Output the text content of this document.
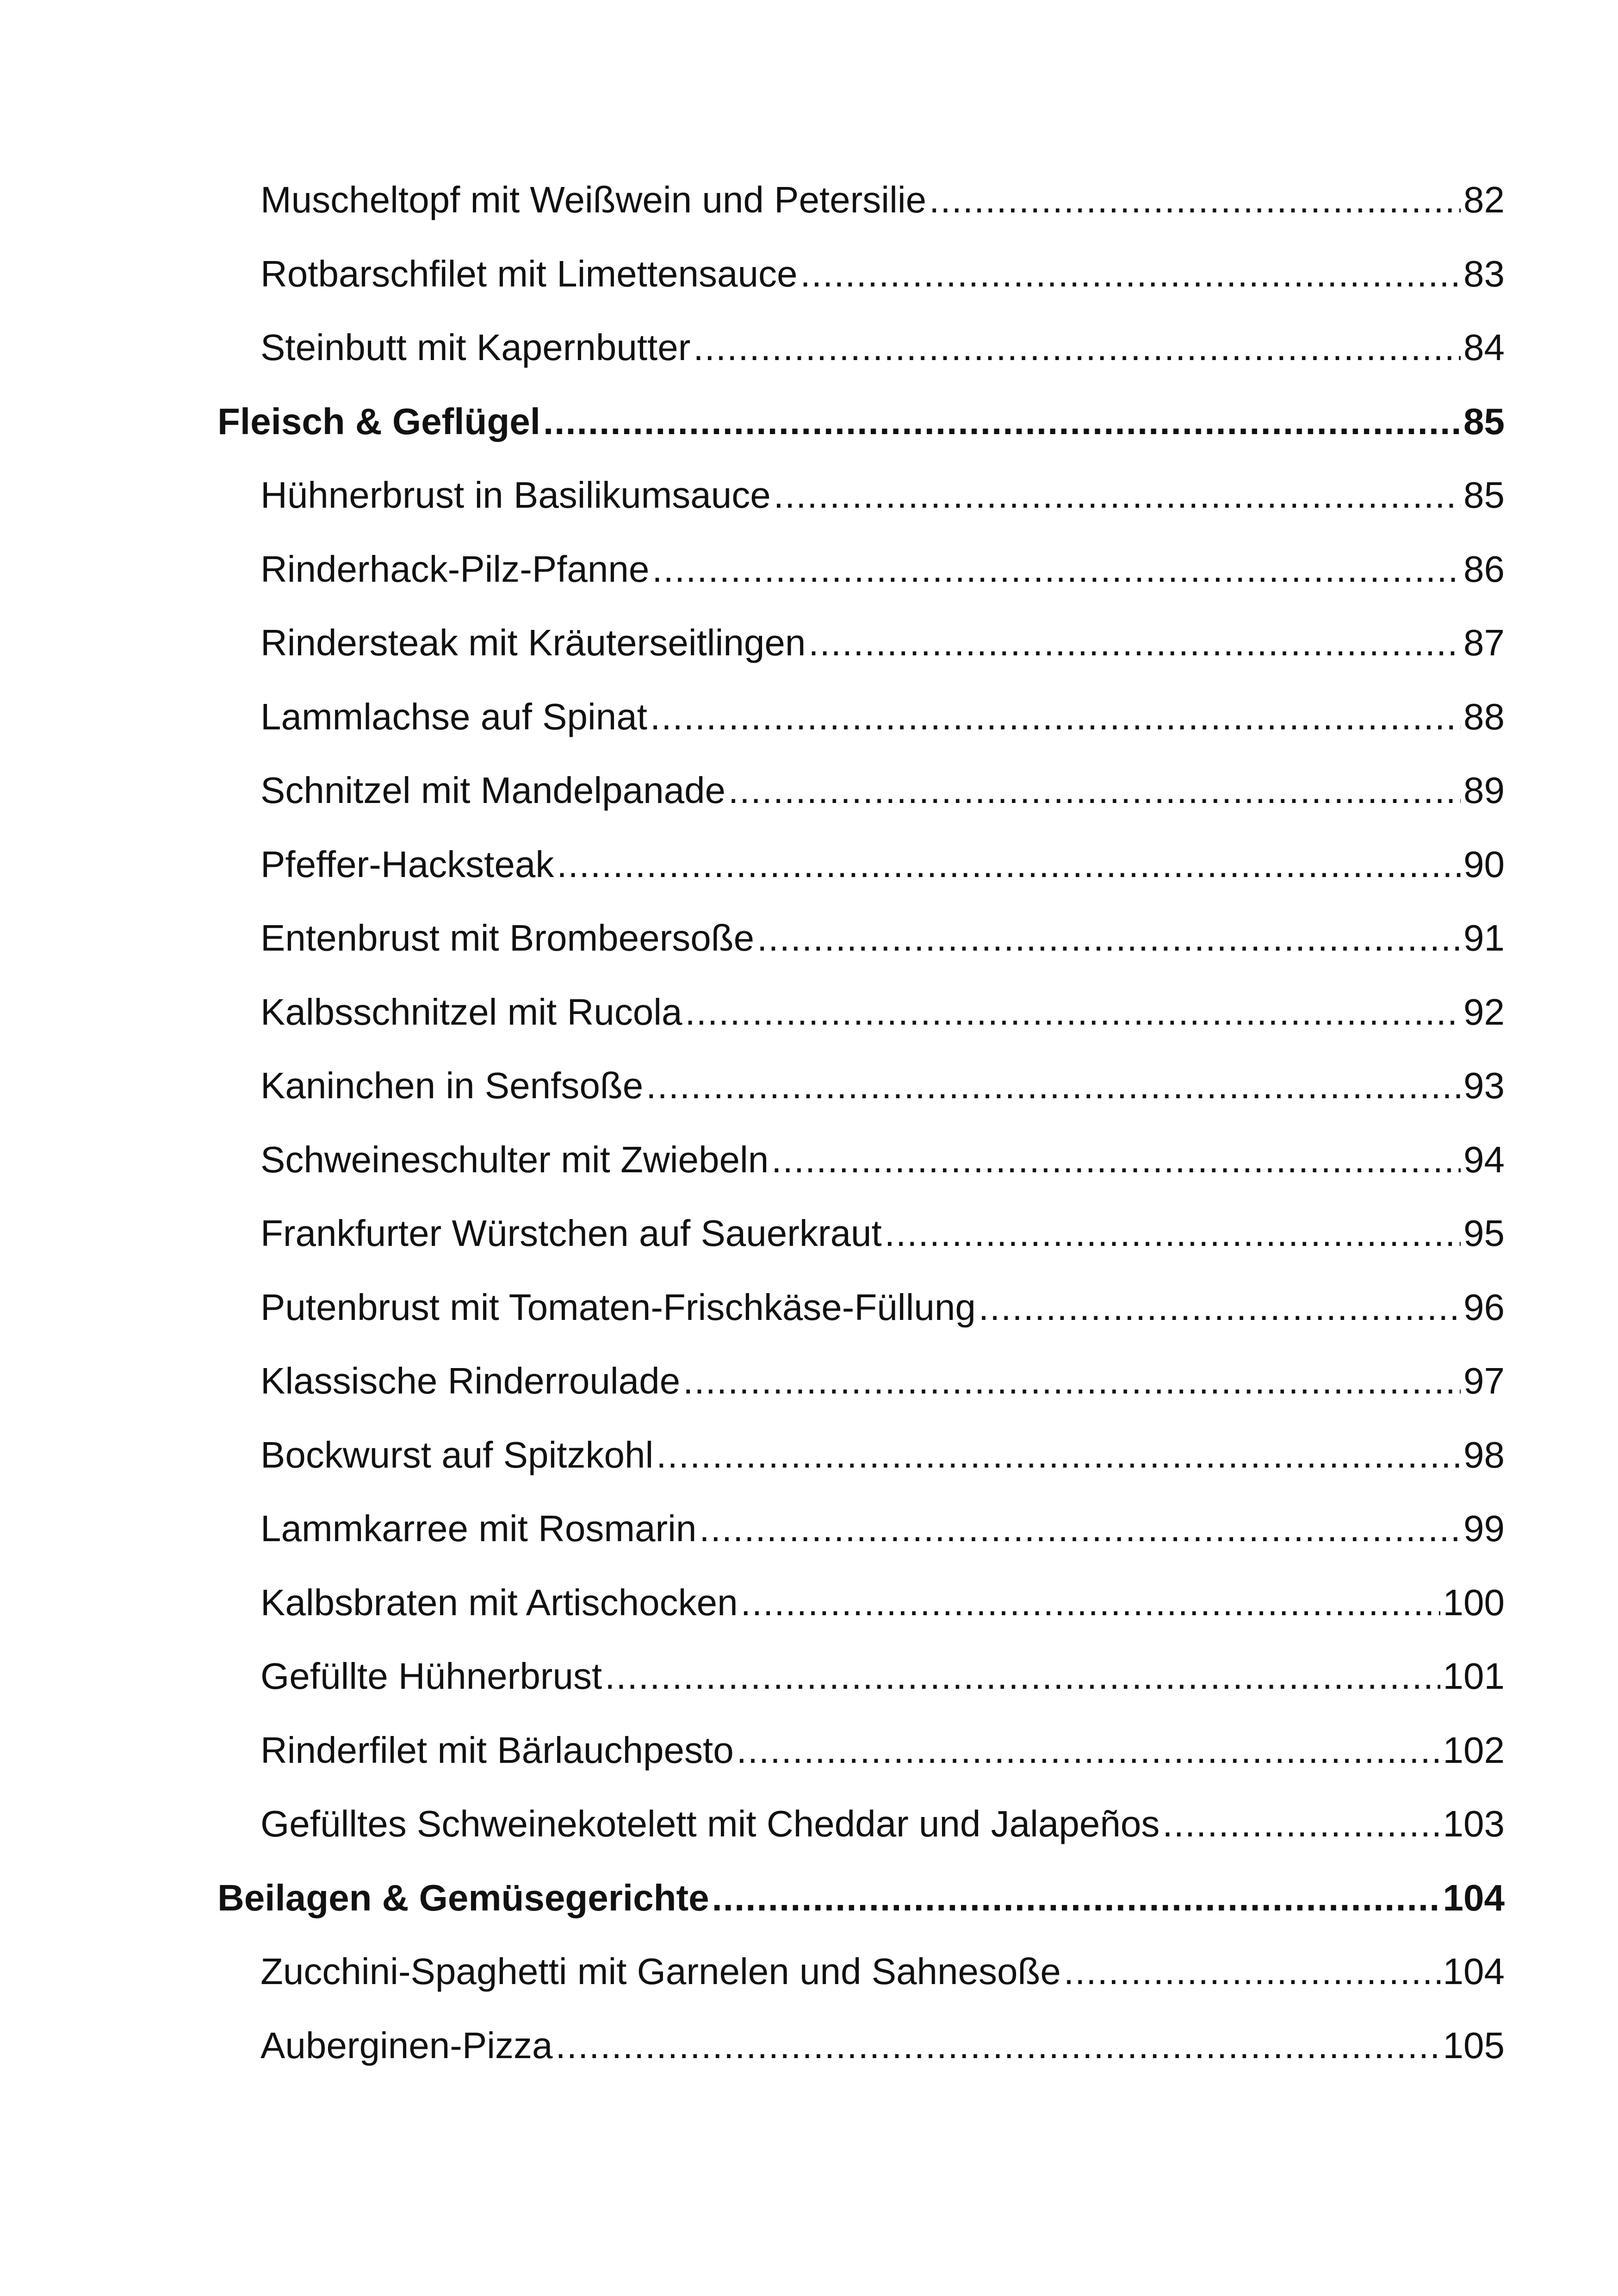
Muscheltopf mit Weißwein und Petersilie .....	82
Rotbarschfilet mit Limettensauce .....	83
Steinbutt mit Kapernbutter .....	84
Fleisch & Geflügel .....	85
Hühnerbrust in Basilikumsauce .....	85
Rinderhack-Pilz-Pfanne .....	86
Rindersteak mit Kräuterseitlingen .....	87
Lammlachse auf Spinat .....	88
Schnitzel mit Mandelpanade .....	89
Pfeffer-Hacksteak .....	90
Entenbrust mit Brombeersoße .....	91
Kalbsschnitzel mit Rucola .....	92
Kaninchen in Senfsoße .....	93
Schweineschulter mit Zwiebeln .....	94
Frankfurter Würstchen auf Sauerkraut .....	95
Putenbrust mit Tomaten-Frischkäse-Füllung .....	96
Klassische Rinderroulade .....	97
Bockwurst auf Spitzkohl .....	98
Lammkarree mit Rosmarin .....	99
Kalbsbraten mit Artischocken .....	100
Gefüllte Hühnerbrust .....	101
Rinderfilet mit Bärlauchpesto .....	102
Gefülltes Schweinekotelett mit Cheddar und Jalapeños .....	103
Beilagen & Gemüsegerichte .....	104
Zucchini-Spaghetti mit Garnelen und Sahnesoße .....	104
Auberginen-Pizza .....	105
